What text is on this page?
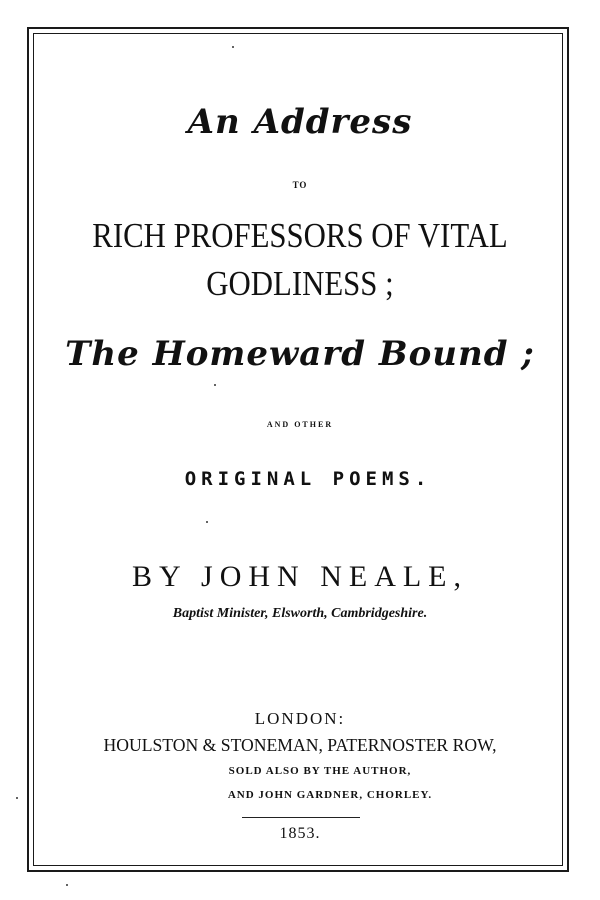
An Address
TO
RICH PROFESSORS OF VITAL
GODLINESS ;
The Homeward Bound ;
AND OTHER
ORIGINAL POEMS.
BY JOHN NEALE,
Baptist Minister, Elsworth, Cambridgeshire.
LONDON:
HOULSTON & STONEMAN, PATERNOSTER ROW,
SOLD ALSO BY THE AUTHOR,
AND JOHN GARDNER, CHORLEY.
1853.
